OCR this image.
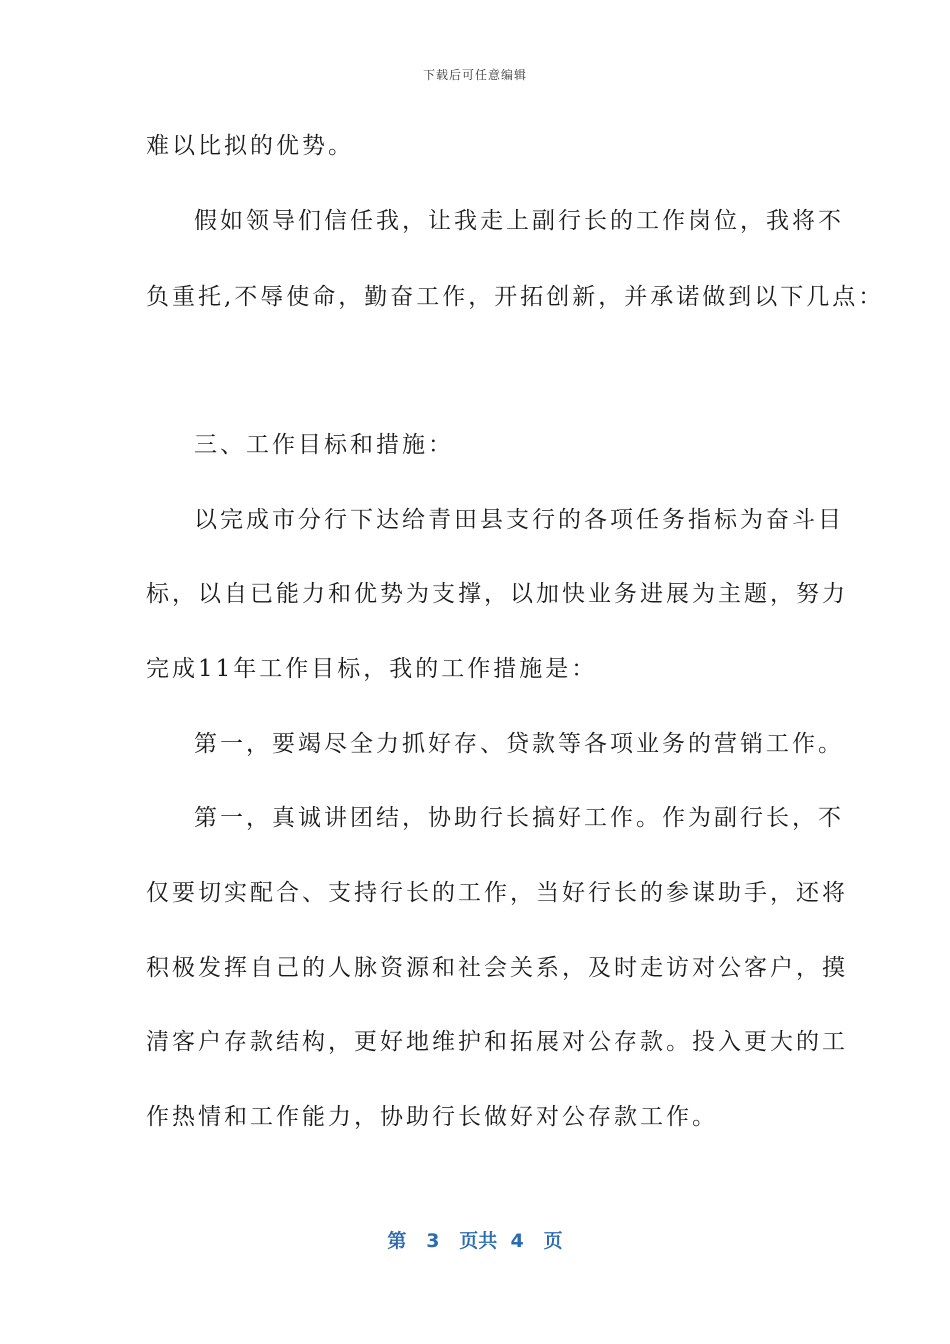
下载后可任意编辑
难以比拟的优势。
假如领导们信任我，让我走上副行长的工作岗位，我将不
负重托,不辱使命，勤奋工作，开拓创新，并承诺做到以下几点：
三、工作目标和措施：
以完成市分行下达给青田县支行的各项任务指标为奋斗目
标，以自已能力和优势为支撑，以加快业务进展为主题，努力
完成11年工作目标，我的工作措施是：
第一，要竭尽全力抓好存、贷款等各项业务的营销工作。
第一，真诚讲团结，协助行长搞好工作。作为副行长，不
仅要切实配合、支持行长的工作，当好行长的参谋助手，还将
积极发挥自己的人脉资源和社会关系，及时走访对公客户，摸
清客户存款结构，更好地维护和拓展对公存款。投入更大的工
作热情和工作能力，协助行长做好对公存款工作。
第 3 页共 4 页
